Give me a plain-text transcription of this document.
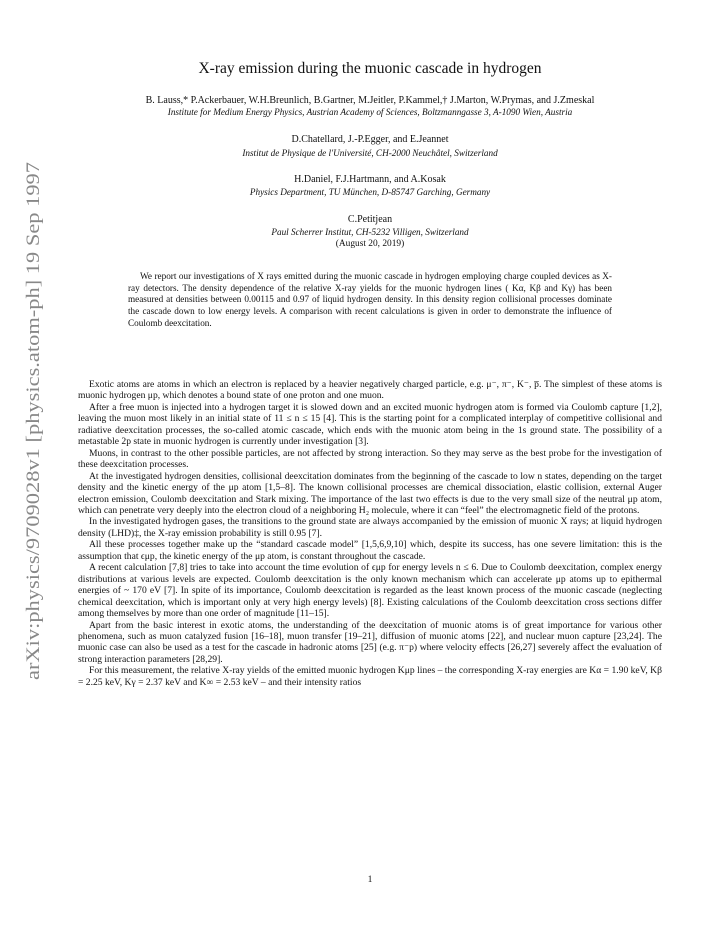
arXiv:physics/9709028v1 [physics.atom-ph] 19 Sep 1997
X-ray emission during the muonic cascade in hydrogen
B. Lauss,* P.Ackerbauer, W.H.Breunlich, B.Gartner, M.Jeitler, P.Kammel,† J.Marton, W.Prymas, and J.Zmeskal
Institute for Medium Energy Physics, Austrian Academy of Sciences, Boltzmanngasse 3, A-1090 Wien, Austria
D.Chatellard, J.-P.Egger, and E.Jeannet
Institut de Physique de l'Université, CH-2000 Neuchâtel, Switzerland
H.Daniel, F.J.Hartmann, and A.Kosak
Physics Department, TU München, D-85747 Garching, Germany
C.Petitjean
Paul Scherrer Institut, CH-5232 Villigen, Switzerland
(August 20, 2019)

We report our investigations of X rays emitted during the muonic cascade in hydrogen employing charge coupled devices as X-ray detectors. The density dependence of the relative X-ray yields for the muonic hydrogen lines ( Kα, Kβ and Kγ) has been measured at densities between 0.00115 and 0.97 of liquid hydrogen density. In this density region collisional processes dominate the cascade down to low energy levels. A comparison with recent calculations is given in order to demonstrate the influence of Coulomb deexcitation.

Exotic atoms are atoms in which an electron is replaced by a heavier negatively charged particle, e.g. μ⁻, π⁻, K⁻, p̅. The simplest of these atoms is muonic hydrogen μp, which denotes a bound state of one proton and one muon.

After a free muon is injected into a hydrogen target it is slowed down and an excited muonic hydrogen atom is formed via Coulomb capture [1,2], leaving the muon most likely in an initial state of 11 ≤ n ≤ 15 [4]. This is the starting point for a complicated interplay of competitive collisional and radiative deexcitation processes, the so-called atomic cascade, which ends with the muonic atom being in the 1s ground state. The possibility of a metastable 2p state in muonic hydrogen is currently under investigation [3].

Muons, in contrast to the other possible particles, are not affected by strong interaction. So they may serve as the best probe for the investigation of these deexcitation processes.

At the investigated hydrogen densities, collisional deexcitation dominates from the beginning of the cascade to low n states, depending on the target density and the kinetic energy of the μp atom [1,5–8]. The known collisional processes are chemical dissociation, elastic collision, external Auger electron emission, Coulomb deexcitation and Stark mixing. The importance of the last two effects is due to the very small size of the neutral μp atom, which can penetrate very deeply into the electron cloud of a neighboring H₂ molecule, where it can “feel” the electromagnetic field of the protons.

In the investigated hydrogen gases, the transitions to the ground state are always accompanied by the emission of muonic X rays; at liquid hydrogen density (LHD)‡, the X-ray emission probability is still 0.95 [7].

All these processes together make up the “standard cascade model” [1,5,6,9,10] which, despite its success, has one severe limitation: this is the assumption that ϵμp, the kinetic energy of the μp atom, is constant throughout the cascade.

A recent calculation [7,8] tries to take into account the time evolution of ϵμp for energy levels n ≤ 6. Due to Coulomb deexcitation, complex energy distributions at various levels are expected. Coulomb deexcitation is the only known mechanism which can accelerate μp atoms up to epithermal energies of ~ 170 eV [7]. In spite of its importance, Coulomb deexcitation is regarded as the least known process of the muonic cascade (neglecting chemical deexcitation, which is important only at very high energy levels) [8]. Existing calculations of the Coulomb deexcitation cross sections differ among themselves by more than one order of magnitude [11–15].

Apart from the basic interest in exotic atoms, the understanding of the deexcitation of muonic atoms is of great importance for various other phenomena, such as muon catalyzed fusion [16–18], muon transfer [19–21], diffusion of muonic atoms [22], and nuclear muon capture [23,24]. The muonic case can also be used as a test for the cascade in hadronic atoms [25] (e.g. π⁻p) where velocity effects [26,27] severely affect the evaluation of strong interaction parameters [28,29].

For this measurement, the relative X-ray yields of the emitted muonic hydrogen Kμp lines – the corresponding X-ray energies are Kα = 1.90 keV, Kβ = 2.25 keV, Kγ = 2.37 keV and K∞ = 2.53 keV – and their intensity ratios

1
